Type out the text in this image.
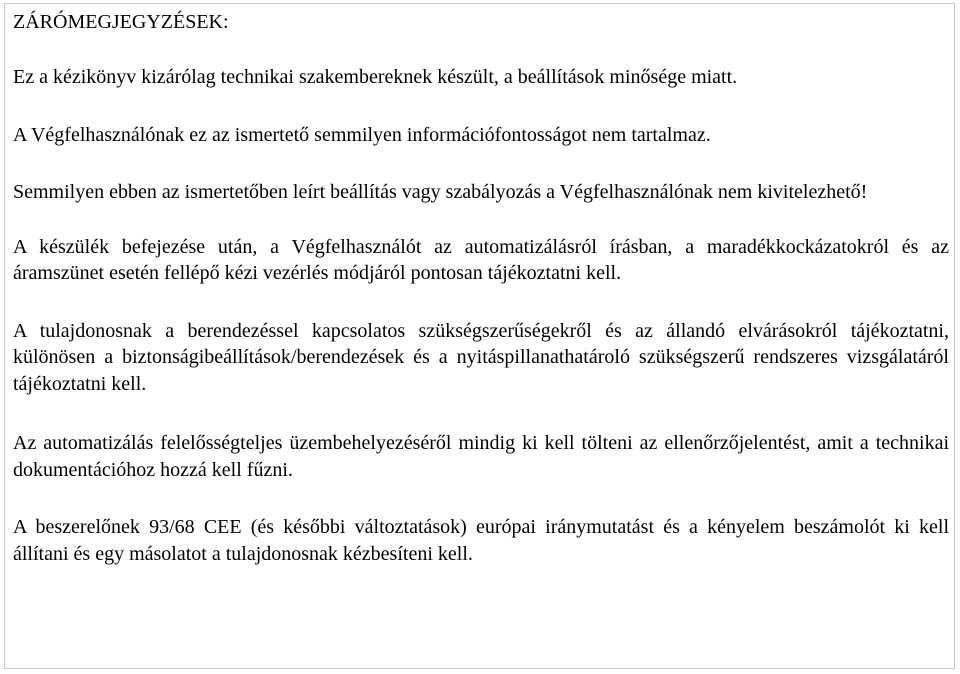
ZÁRÓMEGJEGYZÉSEK:

Ez a kézikönyv kizárólag technikai szakembereknek készült, a beállítások minősége miatt.

A Végfelhasználónak ez az ismertető semmilyen információfontosságot nem tartalmaz.

Semmilyen ebben az ismertetőben leírt beállítás vagy szabályozás a Végfelhasználónak nem kivitelezhető!

A készülék befejezése után, a Végfelhasználót az automatizálásról írásban, a maradékkockázatokról és az áramszünet esetén fellépő kézi vezérlés módjáról pontosan tájékoztatni kell.

A tulajdonosnak a berendezéssel kapcsolatos szükségszerűségekről és az állandó elvárásokról tájékoztatni, különösen a biztonságibeállítások/berendezések és a nyitáspillanathatároló szükségszerű rendszeres vizsgálatáról tájékoztatni kell.

Az automatizálás felelősségteljes üzembehelyezéséről mindig ki kell tölteni az ellenőrzőjelentést, amit a technikai dokumentációhoz hozzá kell fűzni.

A beszerelőnek 93/68 CEE (és későbbi változtatások) európai iránymutatást és a kényelem beszámolót ki kell állítani és egy másolatot a tulajdonosnak kézbesíteni kell.
